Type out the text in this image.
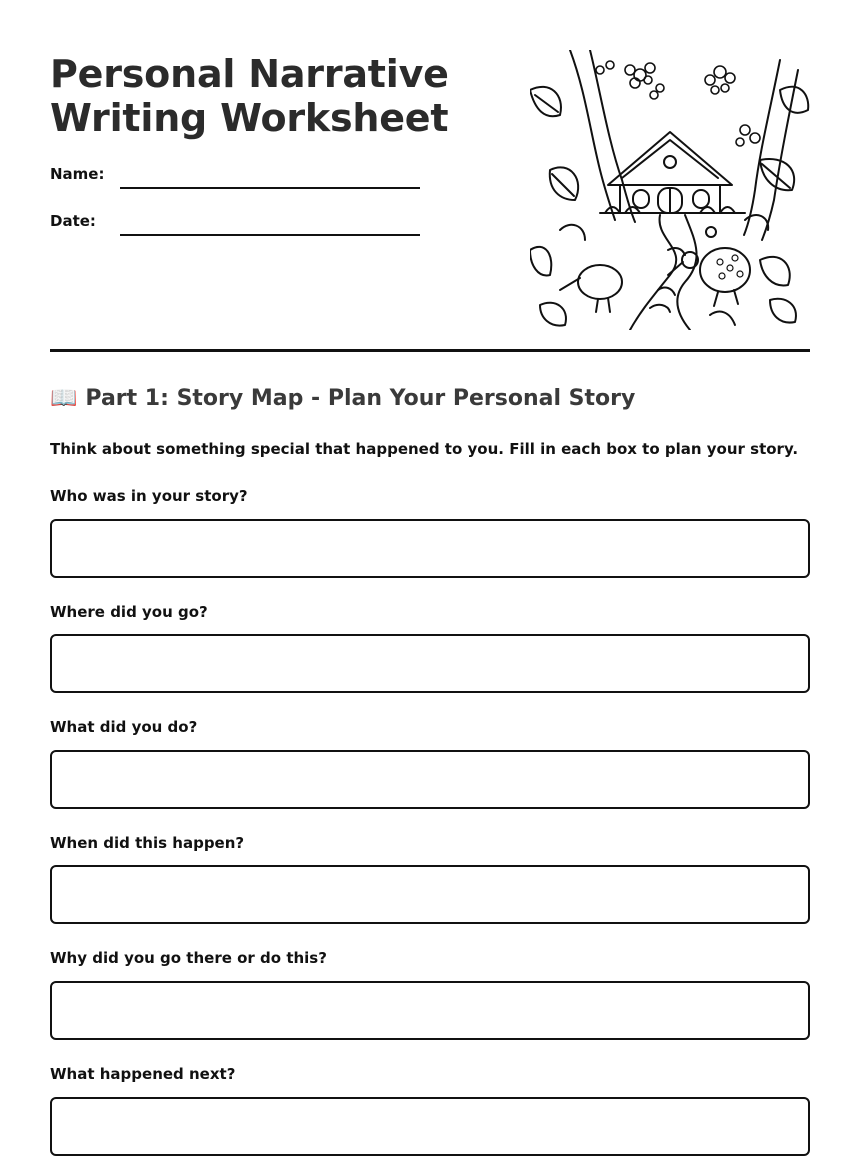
Personal Narrative
Writing Worksheet
Name:
Date:
📖 Part 1: Story Map - Plan Your Personal Story
Think about something special that happened to you. Fill in each box to plan your story.
Who was in your story?
Where did you go?
What did you do?
When did this happen?
Why did you go there or do this?
What happened next?
